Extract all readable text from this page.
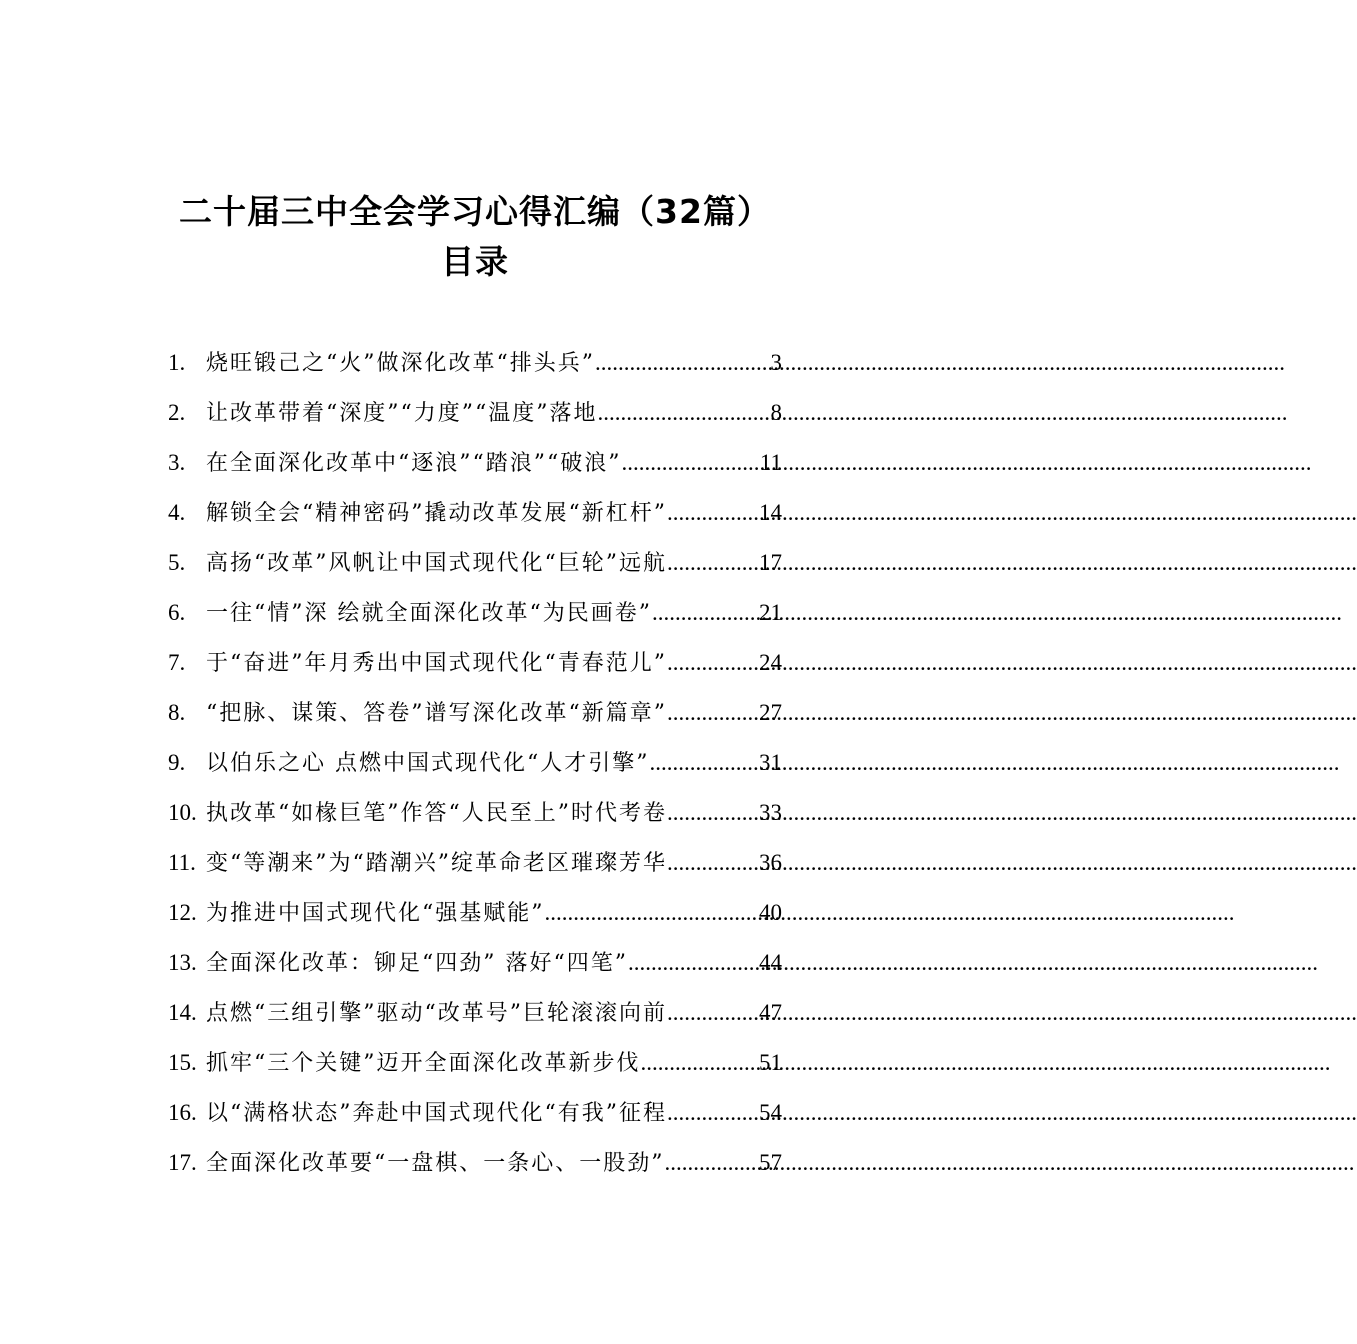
二十届三中全会学习心得汇编（32篇）
目录
1. 烧旺锻己之“火”做深化改革“排头兵” .....	3
2. 让改革带着“深度”“力度”“温度”落地 .....	8
3. 在全面深化改革中“逐浪”“踏浪”“破浪” .....	11
4. 解锁全会“精神密码”撬动改革发展“新杠杆” .....	14
5. 高扬“改革”风帆让中国式现代化“巨轮”远航 .....	17
6. 一往“情”深 绘就全面深化改革“为民画卷” .....	21
7. 于“奋进”年月秀出中国式现代化“青春范儿” .....	24
8. “把脉、谋策、答卷”谱写深化改革“新篇章” .....	27
9. 以伯乐之心 点燃中国式现代化“人才引擎” .....	31
10. 执改革“如椽巨笔”作答“人民至上”时代考卷 .....	33
11. 变“等潮来”为“踏潮兴”绽革命老区璀璨芳华 .....	36
12. 为推进中国式现代化“强基赋能” .....	40
13. 全面深化改革：铆足“四劲” 落好“四笔” .....	44
14. 点燃“三组引擎”驱动“改革号”巨轮滚滚向前 .....	47
15. 抓牢“三个关键”迈开全面深化改革新步伐 .....	51
16. 以“满格状态”奔赴中国式现代化“有我”征程 .....	54
17. 全面深化改革要“一盘棋、一条心、一股劲” .....	57
